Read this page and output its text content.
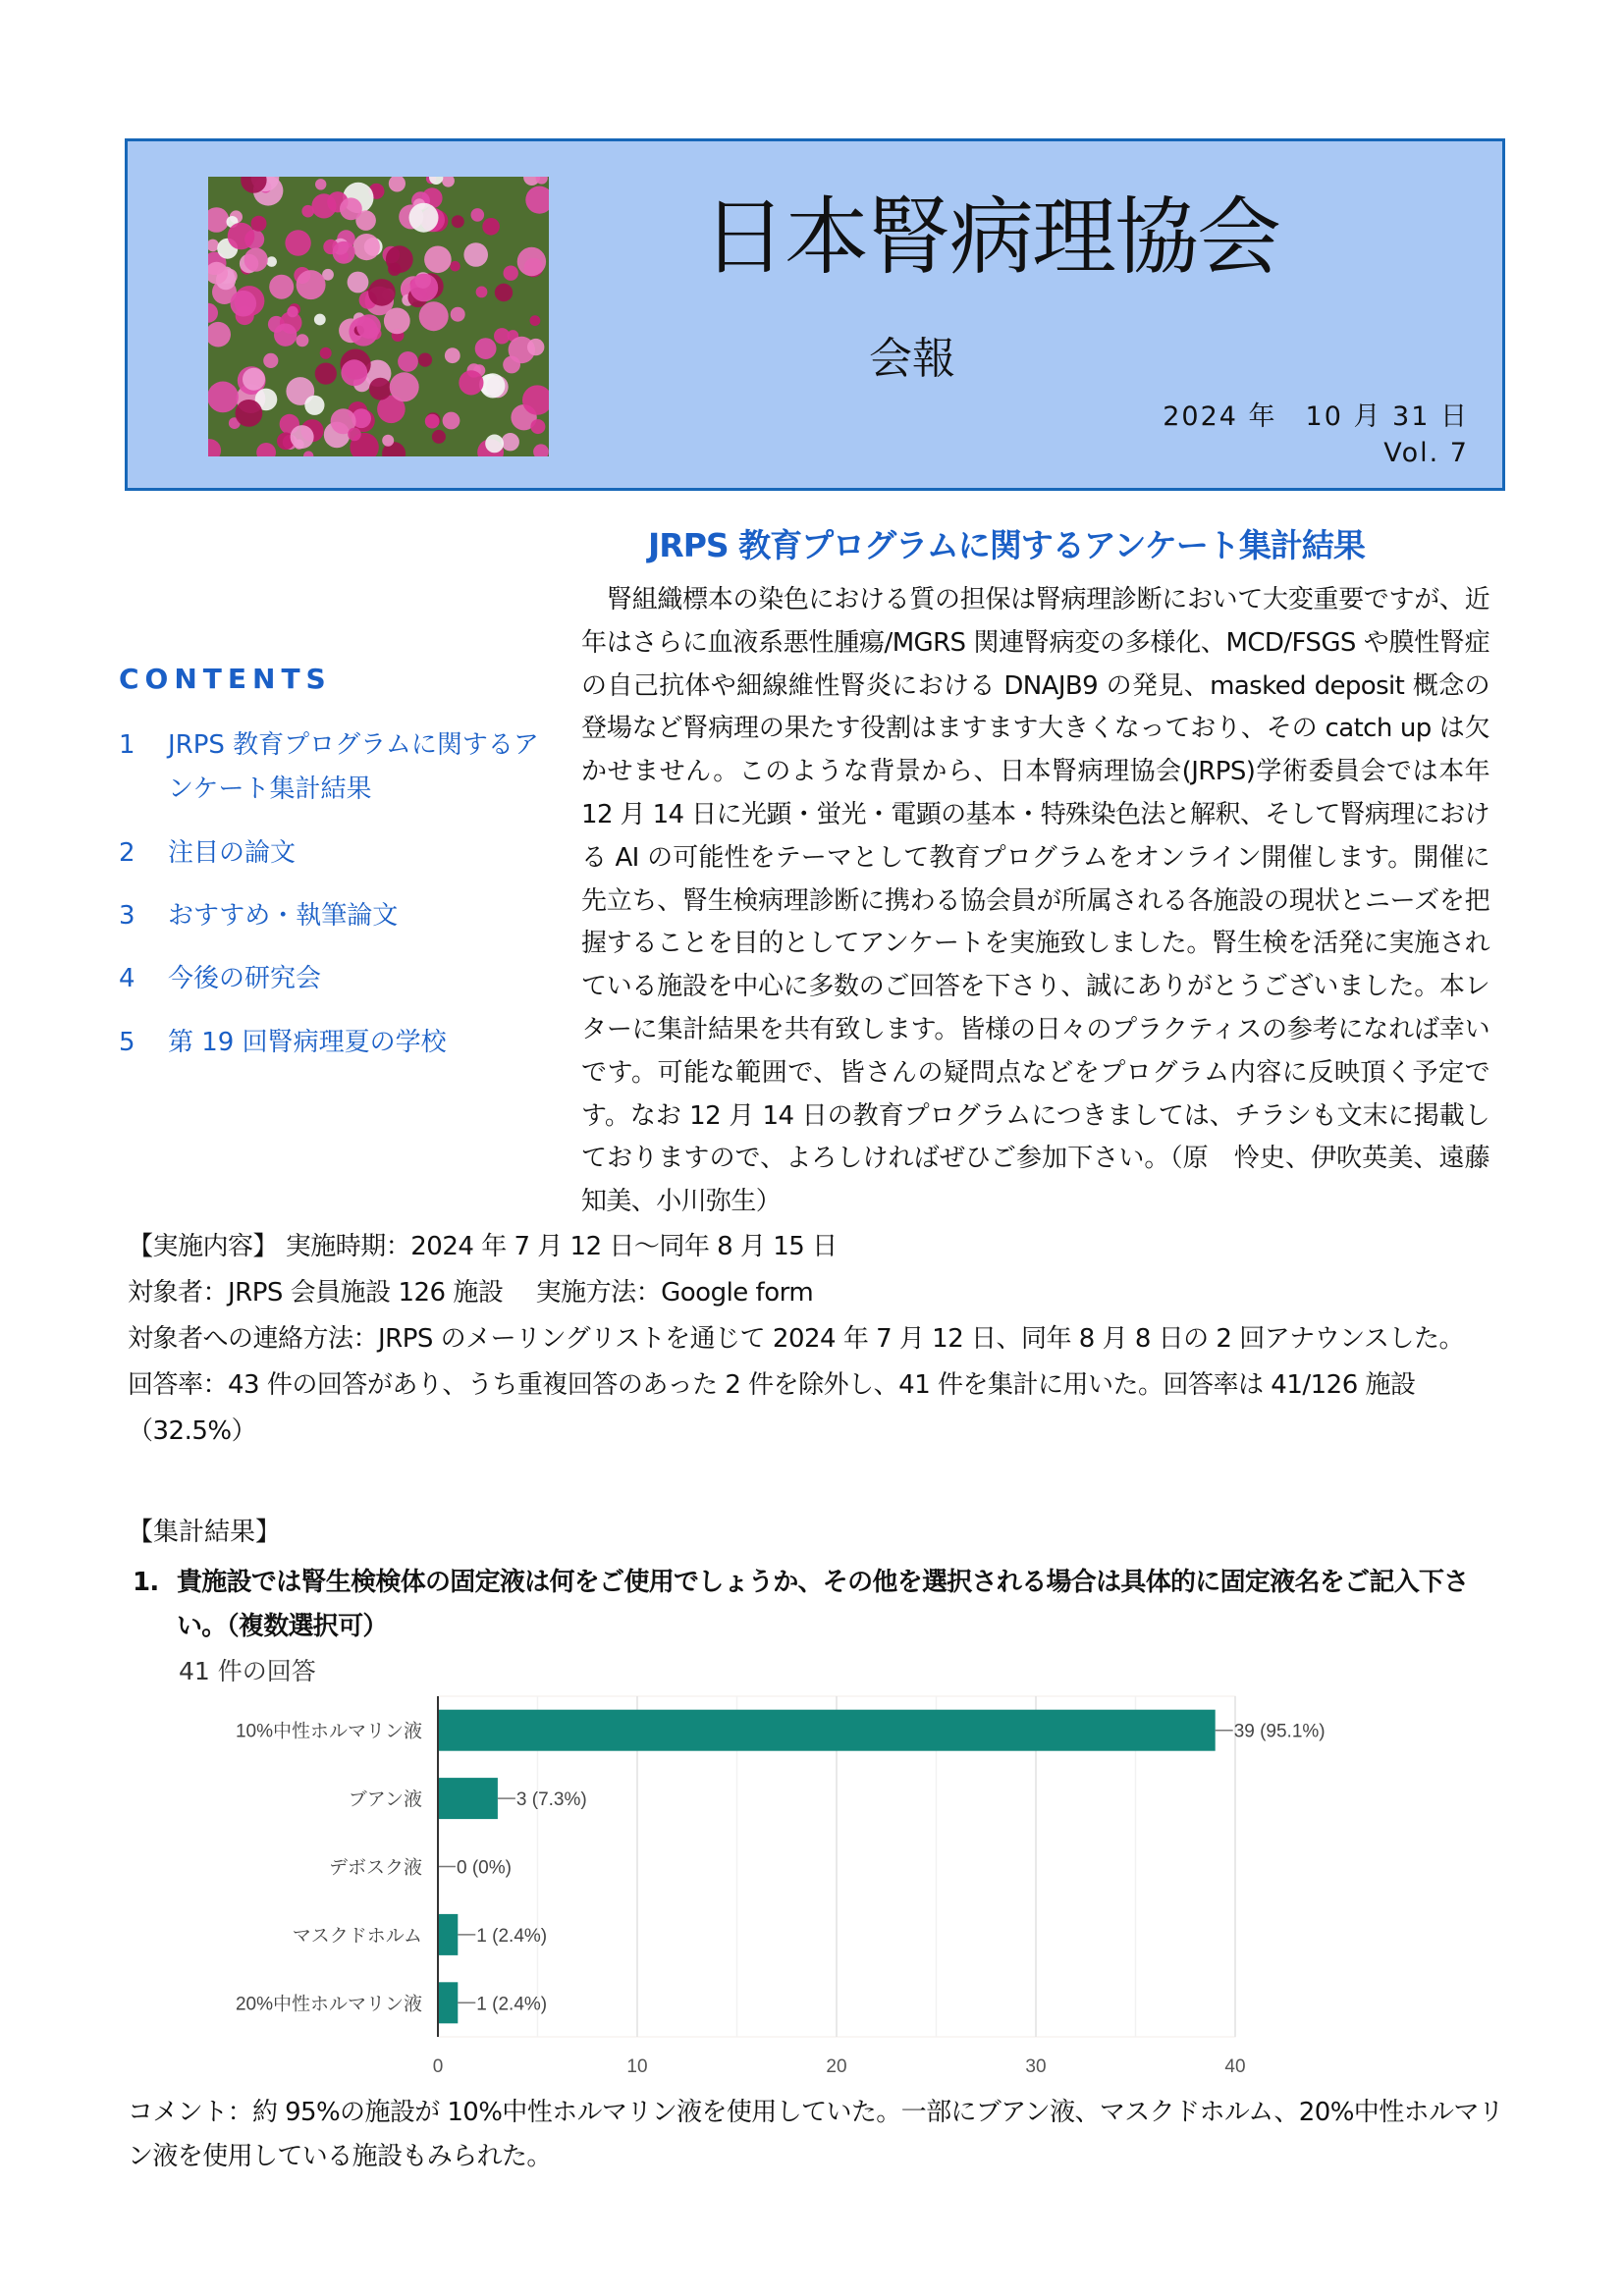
日本腎病理協会
会報
2024 年　10 月 31 日
Vol. 7
JRPS 教育プログラムに関するアンケート集計結果
CONTENTS
1	JRPS 教育プログラムに関するアンケート集計結果
2	注目の論文
3	おすすめ・執筆論文
4	今後の研究会
5	第 19 回腎病理夏の学校
腎組織標本の染色における質の担保は腎病理診断において大変重要ですが、近年はさらに血液系悪性腫瘍/MGRS 関連腎病変の多様化、MCD/FSGS や膜性腎症の自己抗体や細線維性腎炎における DNAJB9 の発見、masked deposit 概念の登場など腎病理の果たす役割はますます大きくなっており、その catch up は欠かせません。このような背景から、日本腎病理協会(JRPS)学術委員会では本年 12 月 14 日に光顕・蛍光・電顕の基本・特殊染色法と解釈、そして腎病理における AI の可能性をテーマとして教育プログラムをオンライン開催します。開催に先立ち、腎生検病理診断に携わる協会員が所属される各施設の現状とニーズを把握することを目的としてアンケートを実施致しました。腎生検を活発に実施されている施設を中心に多数のご回答を下さり、誠にありがとうございました。本レターに集計結果を共有致します。皆様の日々のプラクティスの参考になれば幸いです。可能な範囲で、皆さんの疑問点などをプログラム内容に反映頂く予定です。なお 12 月 14 日の教育プログラムにつきましては、チラシも文末に掲載しておりますので、よろしければぜひご参加下さい。（原　怜史、伊吹英美、遠藤知美、小川弥生）
【実施内容】 実施時期：2024 年 7 月 12 日～同年 8 月 15 日
対象者：JRPS 会員施設 126 施設　 実施方法：Google form
対象者への連絡方法：JRPS のメーリングリストを通じて 2024 年 7 月 12 日、同年 8 月 8 日の 2 回アナウンスした。
回答率：43 件の回答があり、うち重複回答のあった 2 件を除外し、41 件を集計に用いた。回答率は 41/126 施設
（32.5%）
【集計結果】
1. 貴施設では腎生検検体の固定液は何をご使用でしょうか、その他を選択される場合は具体的に固定液名をご記入下さい。（複数選択可）
41 件の回答
0	10	20	30	40
10%中性ホルマリン液	39 (95.1%)
ブアン液	3 (7.3%)
デボスク液 0 (0%)
マスクドホルム	1 (2.4%)
20%中性ホルマリン液	1 (2.4%)
コメント：約 95%の施設が 10%中性ホルマリン液を使用していた。一部にブアン液、マスクドホルム、20%中性ホルマリン液を使用している施設もみられた。
